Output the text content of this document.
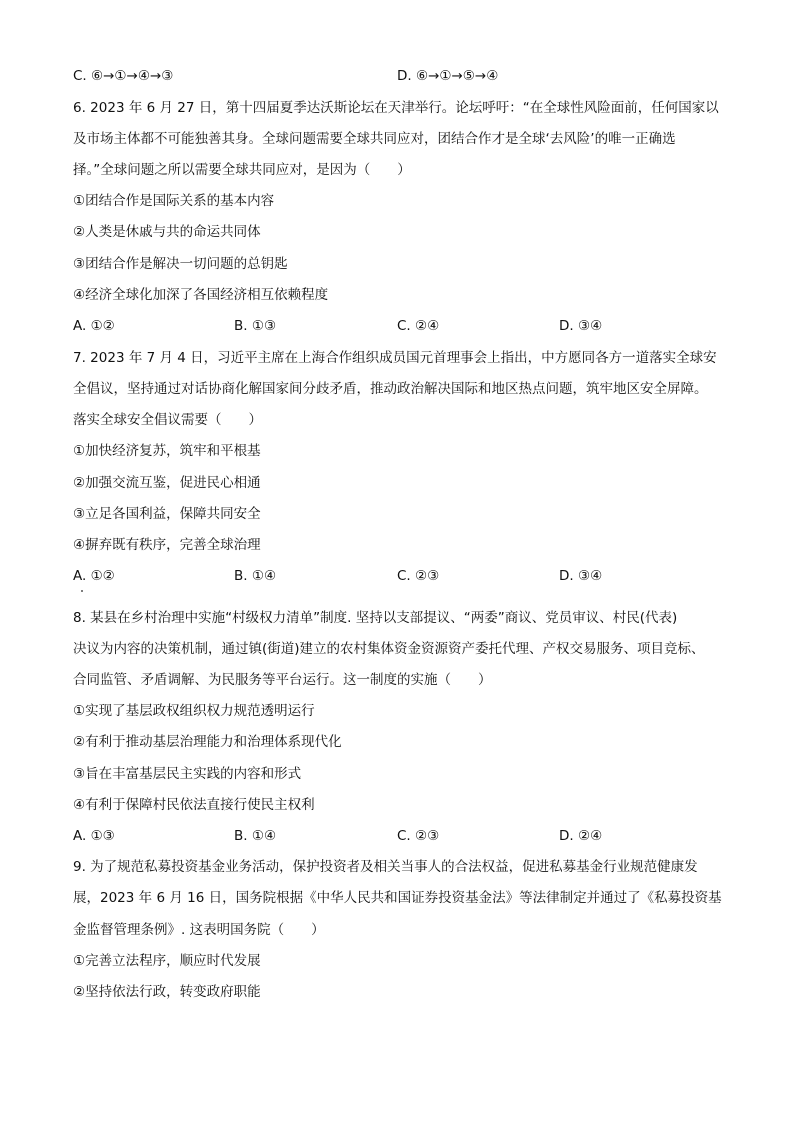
C. ⑥→①→④→③	D. ⑥→①→⑤→④
6. 2023 年 6 月 27 日，第十四届夏季达沃斯论坛在天津举行。论坛呼吁：“在全球性风险面前，任何国家以
及市场主体都不可能独善其身。全球问题需要全球共同应对，团结合作才是全球‘去风险’的唯一正确选
择。”全球问题之所以需要全球共同应对，是因为（　　）
①团结合作是国际关系的基本内容
②人类是休戚与共的命运共同体
③团结合作是解决一切问题的总钥匙
④经济全球化加深了各国经济相互依赖程度
A. ①②	B. ①③	C. ②④	D. ③④
7. 2023 年 7 月 4 日，习近平主席在上海合作组织成员国元首理事会上指出，中方愿同各方一道落实全球安
全倡议，坚持通过对话协商化解国家间分歧矛盾，推动政治解决国际和地区热点问题，筑牢地区安全屏障。
落实全球安全倡议需要（　　）
①加快经济复苏，筑牢和平根基
②加强交流互鉴，促进民心相通
③立足各国利益，保障共同安全
④摒弃既有秩序，完善全球治理
A. ①②	B. ①④	C. ②③	D. ③④
8. 某县在乡村治理中实施“村级权力清单”制度. 坚持以支部提议、“两委”商议、党员审议、村民(代表)
决议为内容的决策机制，通过镇(街道)建立的农村集体资金资源资产委托代理、产权交易服务、项目竞标、
合同监管、矛盾调解、为民服务等平台运行。这一制度的实施（　　）
①实现了基层政权组织权力规范透明运行
②有利于推动基层治理能力和治理体系现代化
③旨在丰富基层民主实践的内容和形式
④有利于保障村民依法直接行使民主权利
A. ①③	B. ①④	C. ②③	D. ②④
9. 为了规范私募投资基金业务活动，保护投资者及相关当事人的合法权益，促进私募基金行业规范健康发
展，2023 年 6 月 16 日，国务院根据《中华人民共和国证券投资基金法》等法律制定并通过了《私募投资基
金监督管理条例》. 这表明国务院（　　）
①完善立法程序，顺应时代发展
②坚持依法行政，转变政府职能
